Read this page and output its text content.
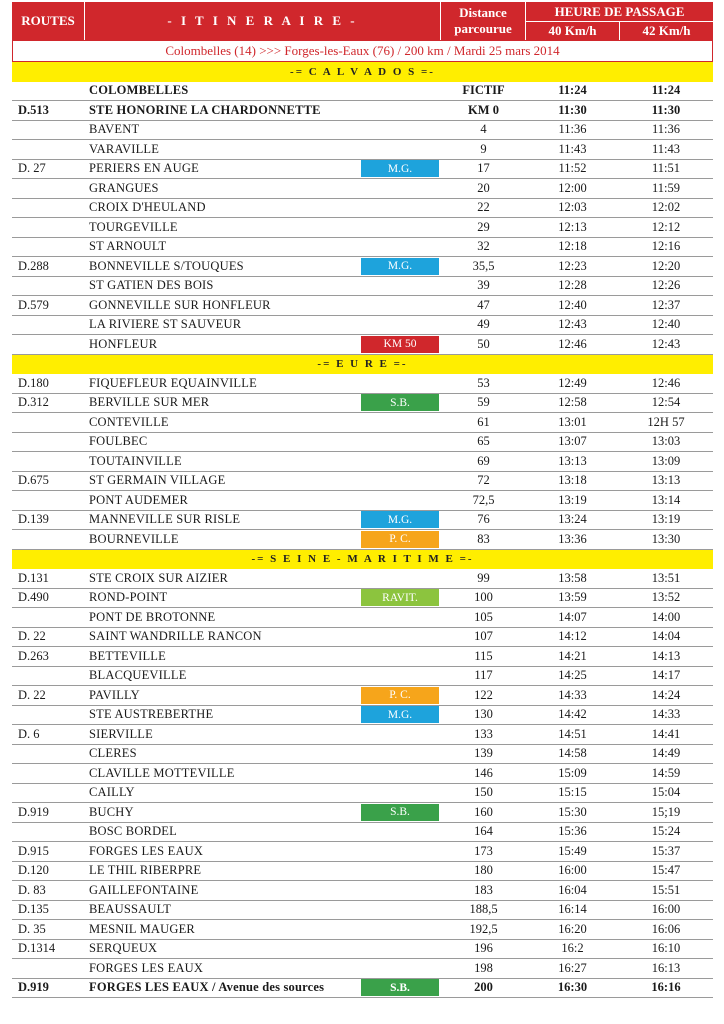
ROUTES	- I T I N E R A I R E -
Distance
parcourue
HEURE DE PASSAGE
40 Km/h	42 Km/h
Colombelles (14) >>> Forges-les-Eaux (76) / 200 km / Mardi 25 mars 2014
-= C A L V A D O S =-
COLOMBELLES	FICTIF	11:24	11:24
D.513	STE HONORINE LA CHARDONNETTE	KM 0	11:30	11:30
BAVENT	4	11:36	11:36
VARAVILLE	9	11:43	11:43
D. 27	PERIERS EN AUGE	M.G.	17	11:52	11:51
GRANGUES	20	12:00	11:59
CROIX D'HEULAND	22	12:03	12:02
TOURGEVILLE	29	12:13	12:12
ST ARNOULT	32	12:18	12:16
D.288	BONNEVILLE S/TOUQUES	M.G.	35,5	12:23	12:20
ST GATIEN DES BOIS	39	12:28	12:26
D.579	GONNEVILLE SUR HONFLEUR	47	12:40	12:37
LA RIVIERE ST SAUVEUR	49	12:43	12:40
HONFLEUR	KM 50	50	12:46	12:43
-= E U R E =-
D.180	FIQUEFLEUR EQUAINVILLE	53	12:49	12:46
D.312	BERVILLE SUR MER	S.B.	59	12:58	12:54
CONTEVILLE	61	13:01	12H 57
FOULBEC	65	13:07	13:03
TOUTAINVILLE	69	13:13	13:09
D.675	ST GERMAIN VILLAGE	72	13:18	13:13
PONT AUDEMER	72,5	13:19	13:14
D.139	MANNEVILLE SUR RISLE	M.G.	76	13:24	13:19
BOURNEVILLE	P. C.	83	13:36	13:30
-= S E I N E - M A R I T I M E =-
D.131	STE CROIX SUR AIZIER	99	13:58	13:51
D.490	ROND-POINT	RAVIT.	100	13:59	13:52
PONT DE BROTONNE	105	14:07	14:00
D. 22	SAINT WANDRILLE RANCON	107	14:12	14:04
D.263	BETTEVILLE	115	14:21	14:13
BLACQUEVILLE	117	14:25	14:17
D. 22	PAVILLY	P. C.	122	14:33	14:24
STE AUSTREBERTHE	M.G.	130	14:42	14:33
D. 6	SIERVILLE	133	14:51	14:41
CLERES	139	14:58	14:49
CLAVILLE MOTTEVILLE	146	15:09	14:59
CAILLY	150	15:15	15:04
D.919	BUCHY	S.B.	160	15:30	15;19
BOSC BORDEL	164	15:36	15:24
D.915	FORGES LES EAUX	173	15:49	15:37
D.120	LE THIL RIBERPRE	180	16:00	15:47
D. 83	GAILLEFONTAINE	183	16:04	15:51
D.135	BEAUSSAULT	188,5	16:14	16:00
D. 35	MESNIL MAUGER	192,5	16:20	16:06
D.1314	SERQUEUX	196	16:2	16:10
FORGES LES EAUX	198	16:27	16:13
D.919	FORGES LES EAUX / Avenue des sources	S.B.	200	16:30	16:16
